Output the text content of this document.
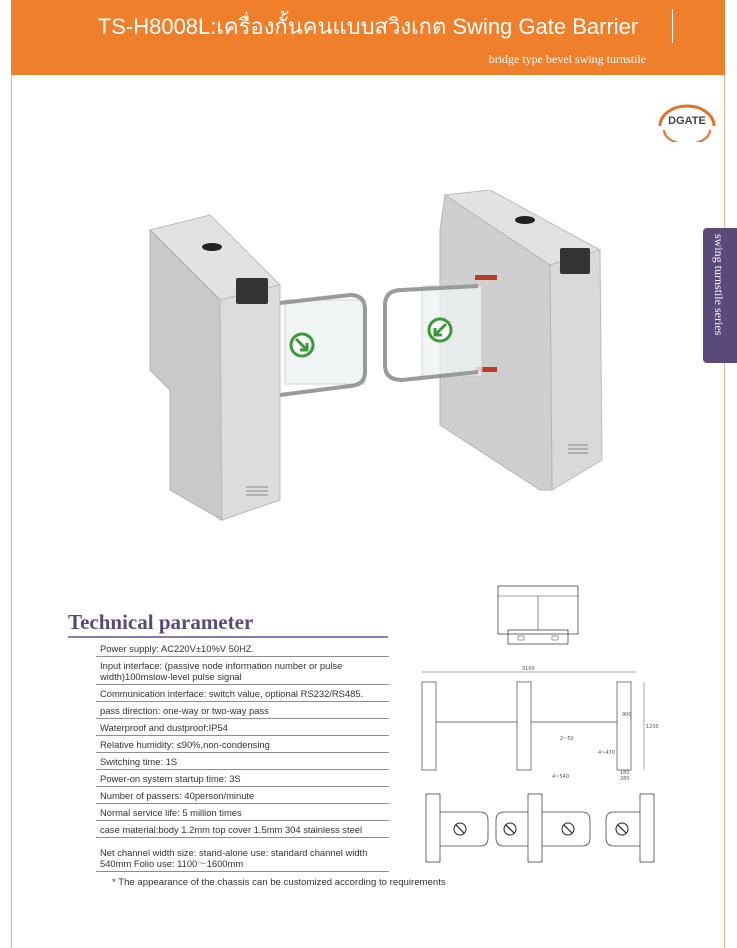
TS-H8008L:เครื่องกั้นคนแบบสวิงเกต Swing Gate Barrier
bridge type bevel swing turnstile
DGATE
swing turnstile series
Technical parameter
Power supply: AC220V±10%V 50HZ.
Input interface: (passive node information number or pulse width)100mslow-level pulse signal
Communication interface: switch value, optional RS232/RS485.
pass direction: one-way or two-way pass
Waterproof and dustproof:IP54
Relative humidity: ≤90%,non-condensing
Switching time: 1S
Power-on system startup time: 3S
Number of passers: 40person/minute
Normal service life: 5 million times
case material:body 1.2mm top cover 1.5mm 304 stainless steel
Net channel width size: stand-alone use: standard channel width 540mm Folio use: 1100～1600mm
* The appearance of the chassis can be customized according to requirements
3100
1200
900
2~50
4~540
4~470
180
280
